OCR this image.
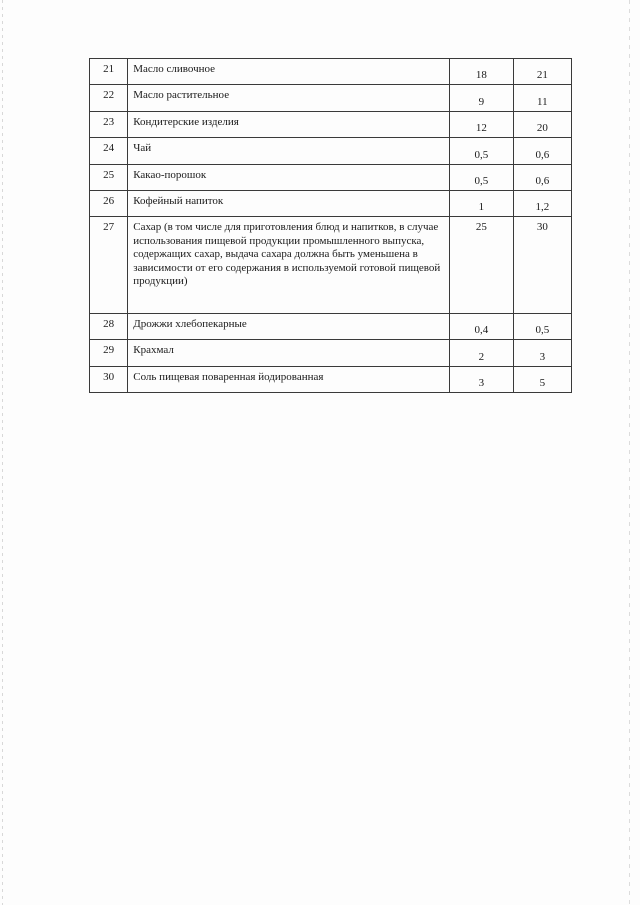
21	Масло сливочное	18	21
22	Масло растительное	9	11
23	Кондитерские изделия	12	20
24	Чай	0,5	0,6
25	Какао-порошок	0,5	0,6
26	Кофейный напиток	1	1,2
27	Сахар (в том числе для приготовления блюд и напитков, в случае использования пищевой продукции промышленного выпуска, содержащих сахар, выдача сахара должна быть уменьшена в зависимости от его содержания в используемой готовой пищевой продукции)	25	30
28	Дрожжи хлебопекарные	0,4	0,5
29	Крахмал	2	3
30	Соль пищевая поваренная йодированная	3	5
